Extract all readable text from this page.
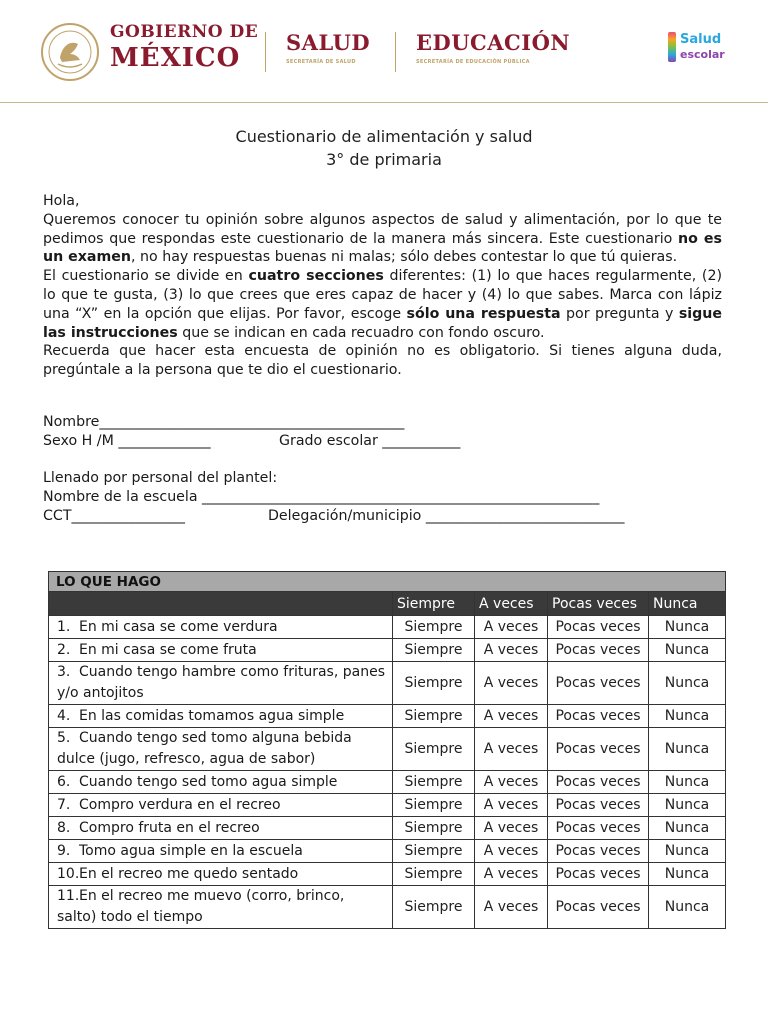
GOBIERNO DE
MÉXICO
SALUD
SECRETARÍA DE SALUD
EDUCACIÓN
SECRETARÍA DE EDUCACIÓN PÚBLICA
Salud
escolar
Cuestionario de alimentación y salud
3° de primaria

Hola,

Queremos conocer tu opinión sobre algunos aspectos de salud y alimentación, por lo que te pedimos que respondas este cuestionario de la manera más sincera. Este cuestionario no es un examen, no hay respuestas buenas ni malas; sólo debes contestar lo que tú quieras.

El cuestionario se divide en cuatro secciones diferentes: (1) lo que haces regularmente, (2) lo que te gusta, (3) lo que crees que eres capaz de hacer y (4) lo que sabes. Marca con lápiz una “X” en la opción que elijas. Por favor, escoge sólo una respuesta por pregunta y sigue las instrucciones que se indican en cada recuadro con fondo oscuro.

Recuerda que hacer esta encuesta de opinión no es obligatorio. Si tienes alguna duda, pregúntale a la persona que te dio el cuestionario.

Nombre___________________________________________
Sexo H /M _____________	Grado escolar ___________
Llenado por personal del plantel:
Nombre de la escuela ________________________________________________________
CCT________________	Delegación/municipio ____________________________
LO QUE HAGO				
	Siempre	A veces	Pocas veces	Nunca
1. En mi casa se come verdura	Siempre	A veces	Pocas veces	Nunca
2. En mi casa se come fruta	Siempre	A veces	Pocas veces	Nunca
3. Cuando tengo hambre como frituras, panes y/o antojitos	Siempre	A veces	Pocas veces	Nunca
4. En las comidas tomamos agua simple	Siempre	A veces	Pocas veces	Nunca
5. Cuando tengo sed tomo alguna bebida dulce (jugo, refresco, agua de sabor)	Siempre	A veces	Pocas veces	Nunca
6. Cuando tengo sed tomo agua simple	Siempre	A veces	Pocas veces	Nunca
7. Compro verdura en el recreo	Siempre	A veces	Pocas veces	Nunca
8. Compro fruta en el recreo	Siempre	A veces	Pocas veces	Nunca
9. Tomo agua simple en la escuela	Siempre	A veces	Pocas veces	Nunca
10.En el recreo me quedo sentado	Siempre	A veces	Pocas veces	Nunca
11.En el recreo me muevo (corro, brinco, salto) todo el tiempo	Siempre	A veces	Pocas veces	Nunca
